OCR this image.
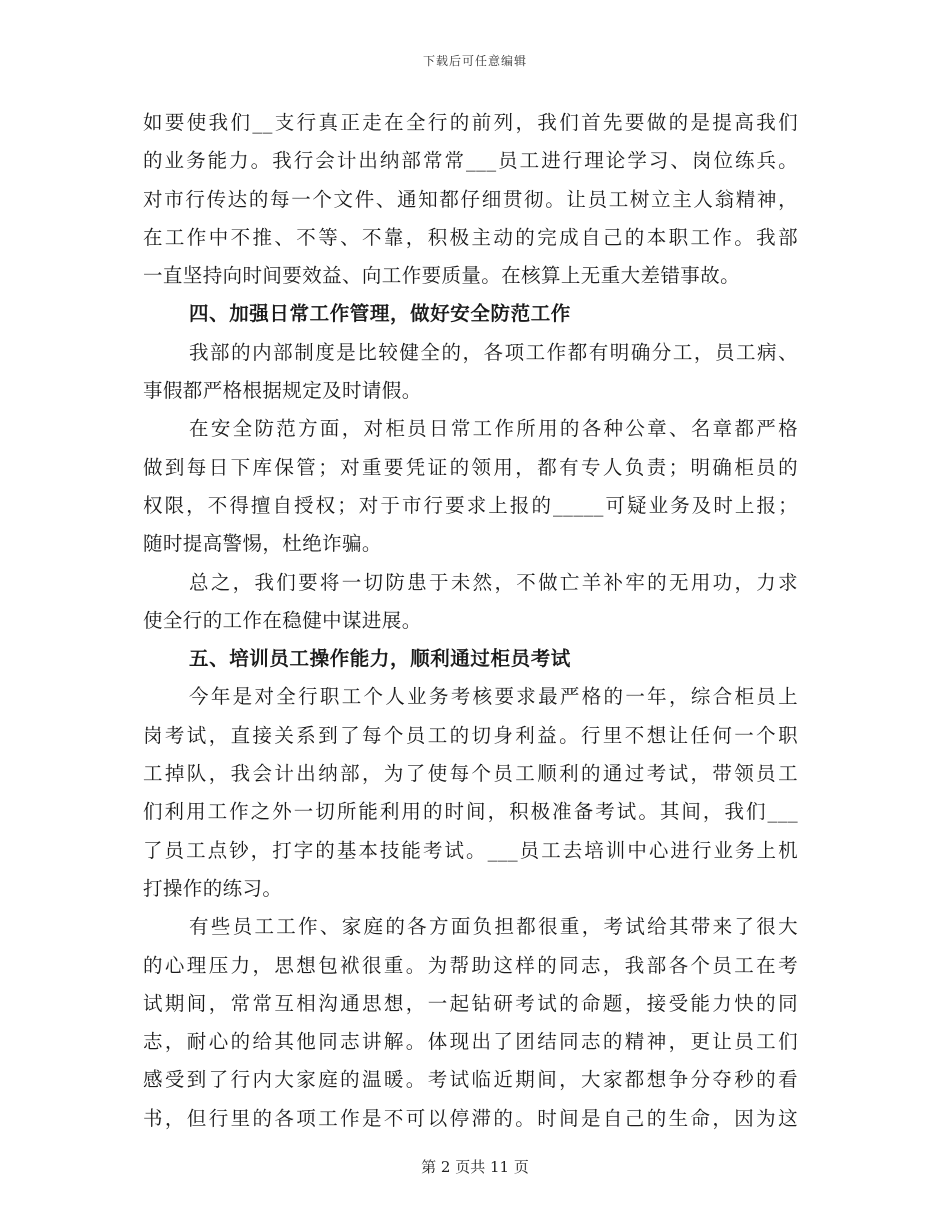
下载后可任意编辑
如要使我们__支行真正走在全行的前列，我们首先要做的是提高我们
的业务能力。我行会计出纳部常常___员工进行理论学习、岗位练兵。
对市行传达的每一个文件、通知都仔细贯彻。让员工树立主人翁精神，
在工作中不推、不等、不靠，积极主动的完成自己的本职工作。我部
一直坚持向时间要效益、向工作要质量。在核算上无重大差错事故。
四、加强日常工作管理，做好安全防范工作
我部的内部制度是比较健全的，各项工作都有明确分工，员工病、
事假都严格根据规定及时请假。
在安全防范方面，对柜员日常工作所用的各种公章、名章都严格
做到每日下库保管；对重要凭证的领用，都有专人负责；明确柜员的
权限，不得擅自授权；对于市行要求上报的_____可疑业务及时上报；
随时提高警惕，杜绝诈骗。
总之，我们要将一切防患于未然，不做亡羊补牢的无用功，力求
使全行的工作在稳健中谋进展。
五、培训员工操作能力，顺利通过柜员考试
今年是对全行职工个人业务考核要求最严格的一年，综合柜员上
岗考试，直接关系到了每个员工的切身利益。行里不想让任何一个职
工掉队，我会计出纳部，为了使每个员工顺利的通过考试，带领员工
们利用工作之外一切所能利用的时间，积极准备考试。其间，我们___
了员工点钞，打字的基本技能考试。___员工去培训中心进行业务上机
打操作的练习。
有些员工工作、家庭的各方面负担都很重，考试给其带来了很大
的心理压力，思想包袱很重。为帮助这样的同志，我部各个员工在考
试期间，常常互相沟通思想，一起钻研考试的命题，接受能力快的同
志，耐心的给其他同志讲解。体现出了团结同志的精神，更让员工们
感受到了行内大家庭的温暖。考试临近期间，大家都想争分夺秒的看
书，但行里的各项工作是不可以停滞的。时间是自己的生命，因为这
第 2 页共 11 页
